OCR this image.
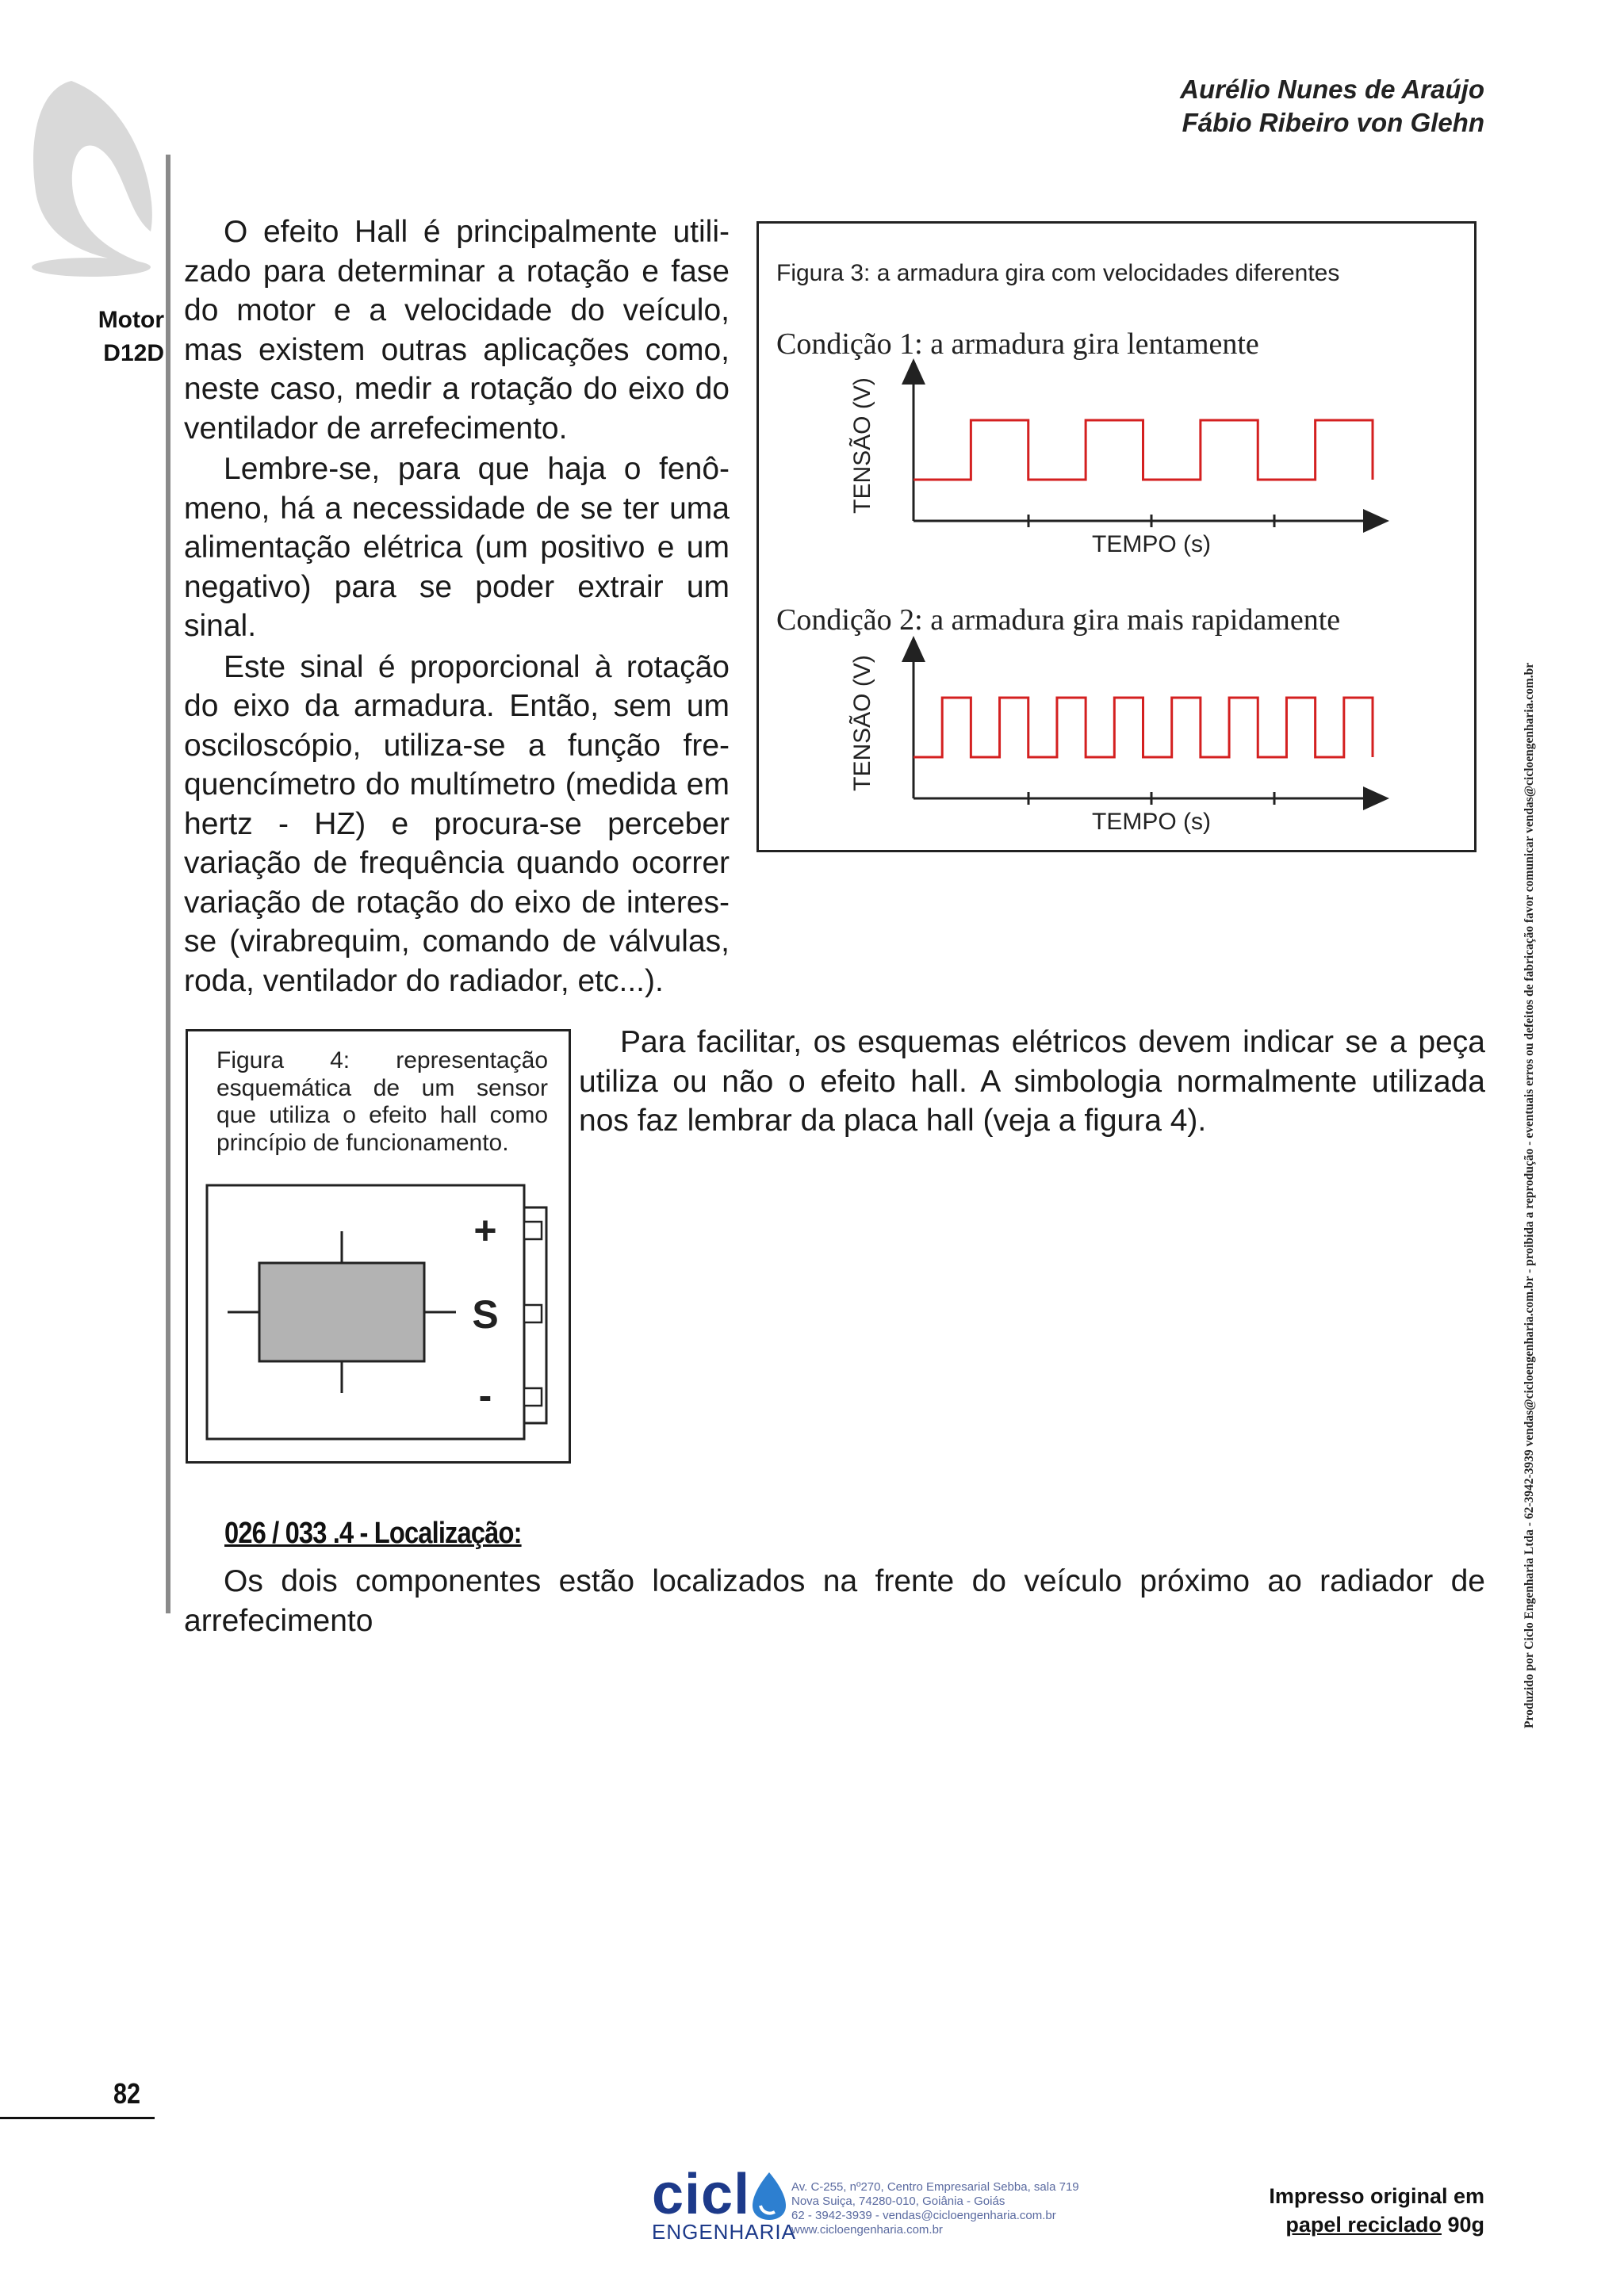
Aurélio Nunes de Araújo
Fábio Ribeiro von Glehn
Motor
D12D

O efeito Hall é principalmente utili-zado para determinar a rotação e fase do motor e a velocidade do veículo, mas existem outras aplicações como, neste caso, medir a rotação do eixo do ventilador de arrefecimento.

Lembre-se, para que haja o fenô-meno, há a necessidade de se ter uma alimentação elétrica (um positivo e um negativo) para se poder extrair um sinal.

Este sinal é proporcional à rotação do eixo da armadura. Então, sem um osciloscópio, utiliza-se a função fre-quencímetro do multímetro (medida em hertz - HZ) e procura-se perceber variação de frequência quando ocorrer variação de rotação do eixo de interes-se (virabrequim, comando de válvulas, roda, ventilador do radiador, etc...).

Figura 3: a armadura gira com velocidades diferentes
Condição 1: a armadura gira lentamente
Condição 2: a armadura gira mais rapidamente
TENSÃO (V)
TEMPO (s)
TENSÃO (V)
TEMPO (s)
Figura 4: representação esquemática de um sensor que utiliza o efeito hall como princípio de funcionamento.
+
S
-

Para facilitar, os esquemas elétricos devem indicar se a peça utiliza ou não o efeito hall. A simbologia normalmente utilizada nos faz lembrar da placa hall (veja a figura 4).

026 / 033 .4 - Localização:

Os dois componentes estão localizados na frente do veículo próximo ao radiador de arrefecimento	Produzido por Ciclo Engenharia Ltda - 62-3942-3939 vendas@cicloengenharia.com.br - proibida a reprodução - eventuais erros ou defeitos de fabricação favor comunicar vendas@cicloengenharia.com.br
82
cicl
ENGENHARIA
Av. C-255, nº270, Centro Empresarial Sebba, sala 719
Nova Suiça, 74280-010, Goiânia - Goiás
62 - 3942-3939 - vendas@cicloengenharia.com.br
www.cicloengenharia.com.br
Impresso original em
papel reciclado 90g
